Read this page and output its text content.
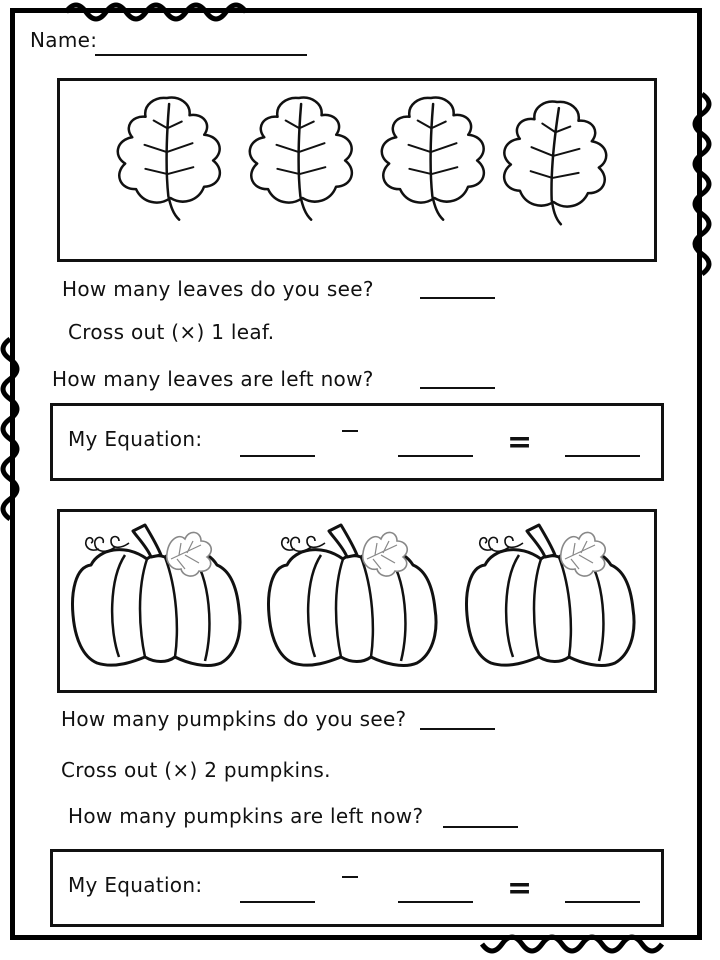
Name:
How many leaves do you see?
Cross out (×) 1 leaf.
How many leaves are left now?
My Equation:	=
How many pumpkins do you see?
Cross out (×) 2 pumpkins.
How many pumpkins are left now?
My Equation:	=
